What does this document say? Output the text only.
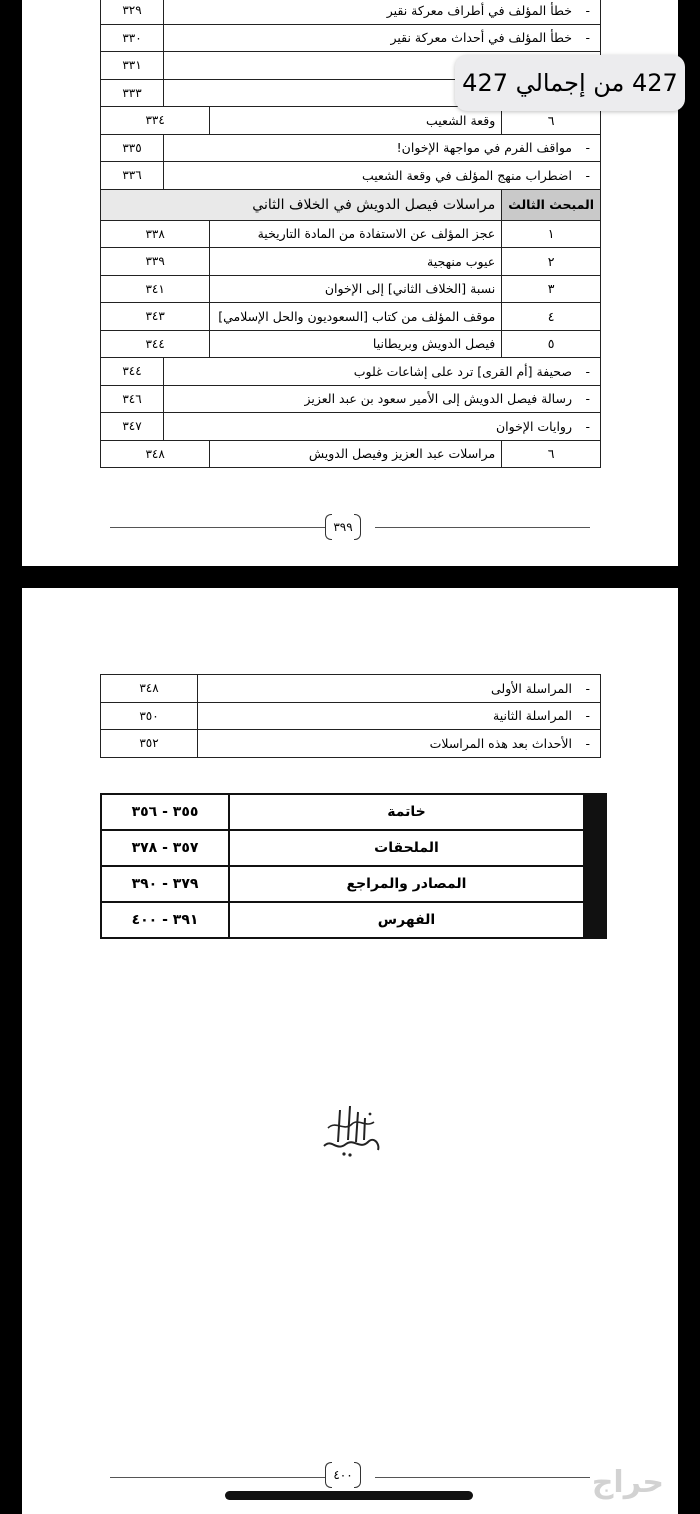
- خطأ المؤلف في أطراف معركة نقير			٣٢٩
- خطأ المؤلف في أحداث معركة نقير			٣٣٠
-	٣٣١
-	٣٣٣
٦	وقعة الشعيب	٣٣٤	
- مواقف الفرم في مواجهة الإخوان!			٣٣٥
- اضطراب منهج المؤلف في وقعة الشعيب			٣٣٦
المبحث الثالث	مراسلات فيصل الدويش في الخلاف الثاني		
١	عجز المؤلف عن الاستفادة من المادة التاريخية	٣٣٨	
٢	عيوب منهجية	٣٣٩	
٣	نسبة [الخلاف الثاني] إلى الإخوان	٣٤١	
٤	موقف المؤلف من كتاب [السعوديون والحل الإسلامي]	٣٤٣	
٥	فيصل الدويش وبريطانيا	٣٤٤	
- صحيفة [أم القرى] ترد على إشاعات غلوب			٣٤٤
- رسالة فيصل الدويش إلى الأمير سعود بن عبد العزيز			٣٤٦
- روايات الإخوان			٣٤٧
٦	مراسلات عبد العزيز وفيصل الدويش	٣٤٨	
٣٩٩
- المراسلة الأولى	٣٤٨
- المراسلة الثانية	٣٥٠
- الأحداث بعد هذه المراسلات	٣٥٢
	خاتمة	٣٥٥ - ٣٥٦
	الملحقات	٣٥٧ - ٣٧٨
	المصادر والمراجع	٣٧٩ - ٣٩٠
	الفهرس	٣٩١ - ٤٠٠
٤٠٠	حراج
427 من إجمالي 427
